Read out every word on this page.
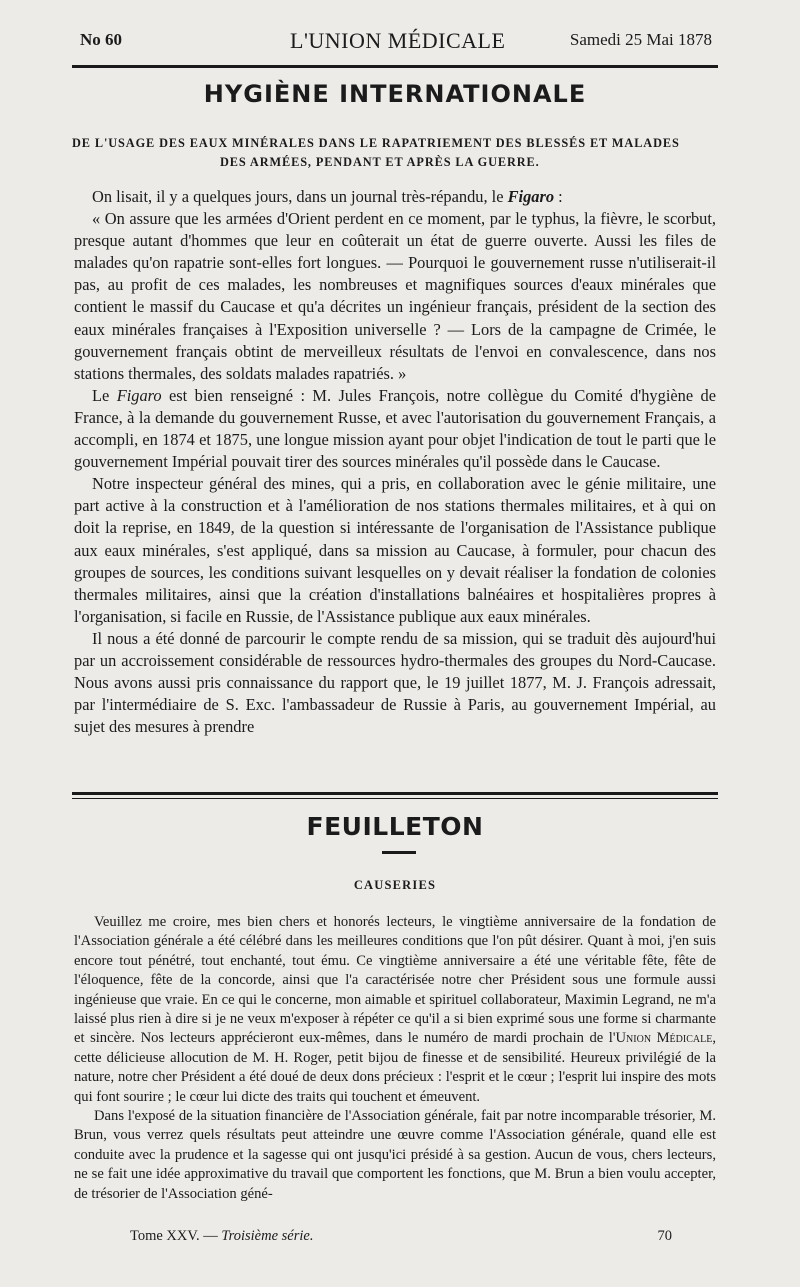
No 60	L'UNION MÉDICALE	Samedi 25 Mai 1878
HYGIÈNE INTERNATIONALE
DE L'USAGE DES EAUX MINÉRALES DANS LE RAPATRIEMENT DES BLESSÉS ET MALADES
DES ARMÉES, PENDANT ET APRÈS LA GUERRE.

On lisait, il y a quelques jours, dans un journal très-répandu, le Figaro :

« On assure que les armées d'Orient perdent en ce moment, par le typhus, la fièvre, le scorbut, presque autant d'hommes que leur en coûterait un état de guerre ouverte. Aussi les files de malades qu'on rapatrie sont-elles fort longues. — Pourquoi le gouvernement russe n'utiliserait-il pas, au profit de ces malades, les nombreuses et magnifiques sources d'eaux minérales que contient le massif du Caucase et qu'a décrites un ingénieur français, président de la section des eaux minérales françaises à l'Exposition universelle ? — Lors de la campagne de Crimée, le gouvernement français obtint de merveilleux résultats de l'envoi en convalescence, dans nos stations thermales, des soldats malades rapatriés. »

Le Figaro est bien renseigné : M. Jules François, notre collègue du Comité d'hygiène de France, à la demande du gouvernement Russe, et avec l'autorisation du gouvernement Français, a accompli, en 1874 et 1875, une longue mission ayant pour objet l'indication de tout le parti que le gouvernement Impérial pouvait tirer des sources minérales qu'il possède dans le Caucase.

Notre inspecteur général des mines, qui a pris, en collaboration avec le génie militaire, une part active à la construction et à l'amélioration de nos stations thermales militaires, et à qui on doit la reprise, en 1849, de la question si intéressante de l'organisation de l'Assistance publique aux eaux minérales, s'est appliqué, dans sa mission au Caucase, à formuler, pour chacun des groupes de sources, les conditions suivant lesquelles on y devait réaliser la fondation de colonies thermales militaires, ainsi que la création d'installations balnéaires et hospitalières propres à l'organisation, si facile en Russie, de l'Assistance publique aux eaux minérales.

Il nous a été donné de parcourir le compte rendu de sa mission, qui se traduit dès aujourd'hui par un accroissement considérable de ressources hydro-thermales des groupes du Nord-Caucase. Nous avons aussi pris connaissance du rapport que, le 19 juillet 1877, M. J. François adressait, par l'intermédiaire de S. Exc. l'ambassadeur de Russie à Paris, au gouvernement Impérial, au sujet des mesures à prendre

FEUILLETON
CAUSERIES

Veuillez me croire, mes bien chers et honorés lecteurs, le vingtième anniversaire de la fondation de l'Association générale a été célébré dans les meilleures conditions que l'on pût désirer. Quant à moi, j'en suis encore tout pénétré, tout enchanté, tout ému. Ce vingtième anniversaire a été une véritable fête, fête de l'éloquence, fête de la concorde, ainsi que l'a caractérisée notre cher Président sous une formule aussi ingénieuse que vraie. En ce qui le concerne, mon aimable et spirituel collaborateur, Maximin Legrand, ne m'a laissé plus rien à dire si je ne veux m'exposer à répéter ce qu'il a si bien exprimé sous une forme si charmante et sincère. Nos lecteurs apprécieront eux-mêmes, dans le numéro de mardi prochain de l'Union Médicale, cette délicieuse allocution de M. H. Roger, petit bijou de finesse et de sensibilité. Heureux privilégié de la nature, notre cher Président a été doué de deux dons précieux : l'esprit et le cœur ; l'esprit lui inspire des mots qui font sourire ; le cœur lui dicte des traits qui touchent et émeuvent.

Dans l'exposé de la situation financière de l'Association générale, fait par notre incomparable trésorier, M. Brun, vous verrez quels résultats peut atteindre une œuvre comme l'Association générale, quand elle est conduite avec la prudence et la sagesse qui ont jusqu'ici présidé à sa gestion. Aucun de vous, chers lecteurs, ne se fait une idée approximative du travail que comportent les fonctions, que M. Brun a bien voulu accepter, de trésorier de l'Association géné-

Tome XXV. — Troisième série.	70
